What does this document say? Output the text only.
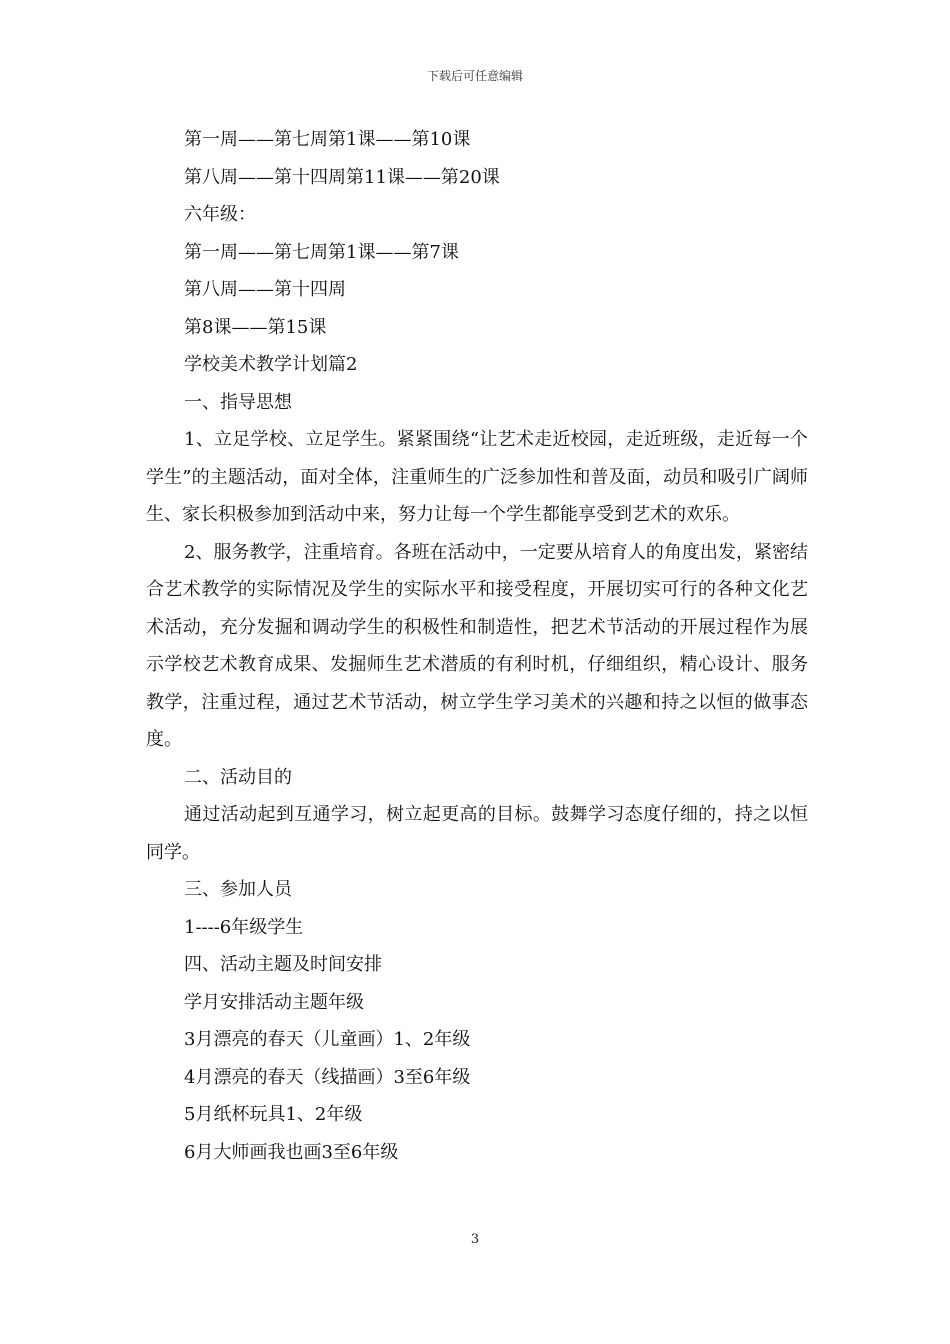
下载后可任意编辑
第一周——第七周第1课——第10课
第八周——第十四周第11课——第20课
六年级：
第一周——第七周第1课——第7课
第八周——第十四周
第8课——第15课
学校美术教学计划篇2
一、指导思想

1、立足学校、立足学生。紧紧围绕“让艺术走近校园，走近班级，走近每一个学生”的主题活动，面对全体，注重师生的广泛参加性和普及面，动员和吸引广阔师生、家长积极参加到活动中来，努力让每一个学生都能享受到艺术的欢乐。

2、服务教学，注重培育。各班在活动中，一定要从培育人的角度出发，紧密结合艺术教学的实际情况及学生的实际水平和接受程度，开展切实可行的各种文化艺术活动，充分发掘和调动学生的积极性和制造性，把艺术节活动的开展过程作为展示学校艺术教育成果、发掘师生艺术潜质的有利时机，仔细组织，精心设计、服务教学，注重过程，通过艺术节活动，树立学生学习美术的兴趣和持之以恒的做事态度。

二、活动目的

通过活动起到互通学习，树立起更高的目标。鼓舞学习态度仔细的，持之以恒同学。

三、参加人员
1----6年级学生
四、活动主题及时间安排
学月安排活动主题年级
3月漂亮的春天（儿童画）1、2年级
4月漂亮的春天（线描画）3至6年级
5月纸杯玩具1、2年级
6月大师画我也画3至6年级
3
